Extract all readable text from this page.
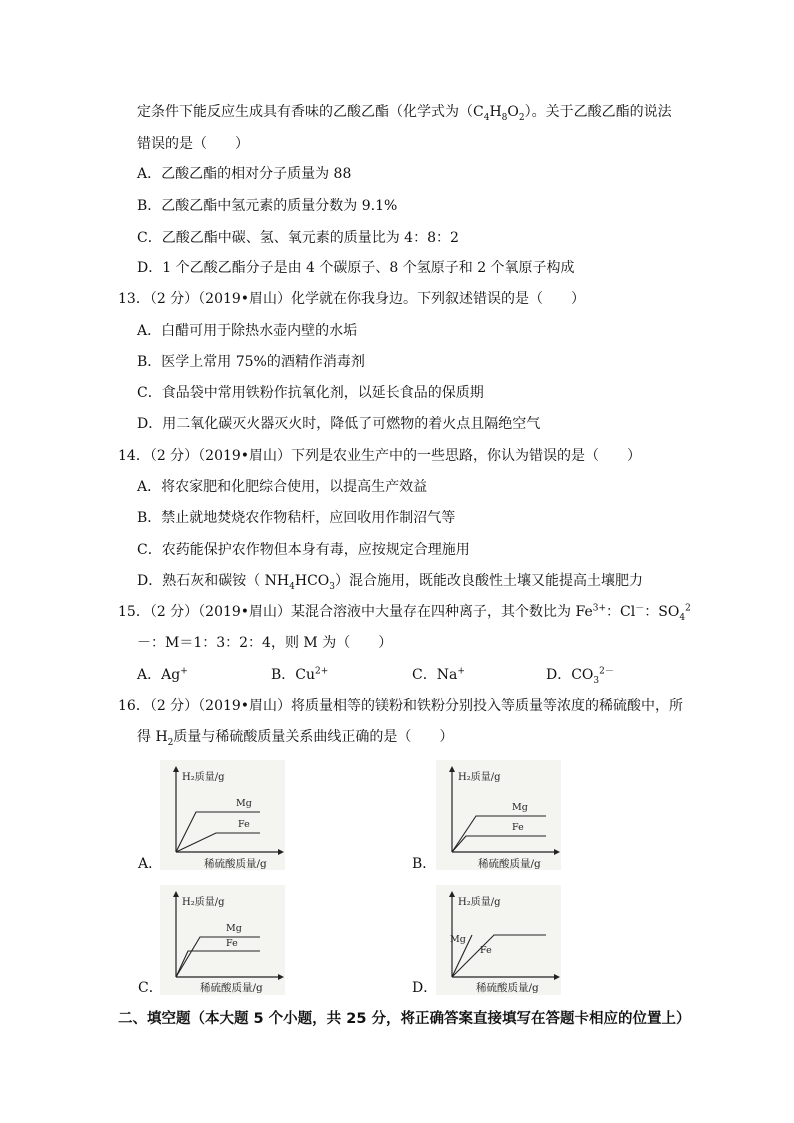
定条件下能反应生成具有香味的乙酸乙酯（化学式为$(C_4H_8O_2)$。关于乙酸乙酯的说法
错误的是（　　）
A．乙酸乙酯的相对分子质量为 88
B．乙酸乙酯中氢元素的质量分数为 9.1%
C．乙酸乙酯中碳、氢、氧元素的质量比为 4：8：2
D．1 个乙酸乙酯分子是由 4 个碳原子、8 个氢原子和 2 个氧原子构成
13．（2 分）（2019•眉山）化学就在你我身边。下列叙述错误的是（　　）
A．白醋可用于除热水壶内壁的水垢
B．医学上常用 75%的酒精作消毒剂
C．食品袋中常用铁粉作抗氧化剂，以延长食品的保质期
D．用二氧化碳灭火器灭火时，降低了可燃物的着火点且隔绝空气
14．（2 分）（2019•眉山）下列是农业生产中的一些思路，你认为错误的是（　　）
A．将农家肥和化肥综合使用，以提高生产效益
B．禁止就地焚烧农作物秸杆，应回收用作制沼气等
C．农药能保护农作物但本身有毒，应按规定合理施用
D．熟石灰和碳铵（ $NH_4HCO_3$）混合施用，既能改良酸性土壤又能提高土壤肥力
15．（2 分）（2019•眉山）某混合溶液中大量存在四种离子，其个数比为 $Fe^{3+}$：Cl－：$SO_4^2$
－：M＝1：3：2：4，则 M 为（　　）
A．Ag+	B．$Cu^{2+}$	C．Na+	D．$CO_3^{2-}$
16．（2 分）（2019•眉山）将质量相等的镁粉和铁粉分别投入等质量等浓度的稀硫酸中，所
得 $H_2$质量与稀硫酸质量关系曲线正确的是（　　）
H₂质量/g
Mg
Fe
稀硫酸质量/g
A．
H₂质量/g
Mg
Fe
稀硫酸质量/g
B．
H₂质量/g
Mg
Fe
稀硫酸质量/g
C．
H₂质量/g
Mg
Fe
稀硫酸质量/g
D．
二、填空题（本大题 5 个小题，共 25 分，将正确答案直接填写在答题卡相应的位置上）
